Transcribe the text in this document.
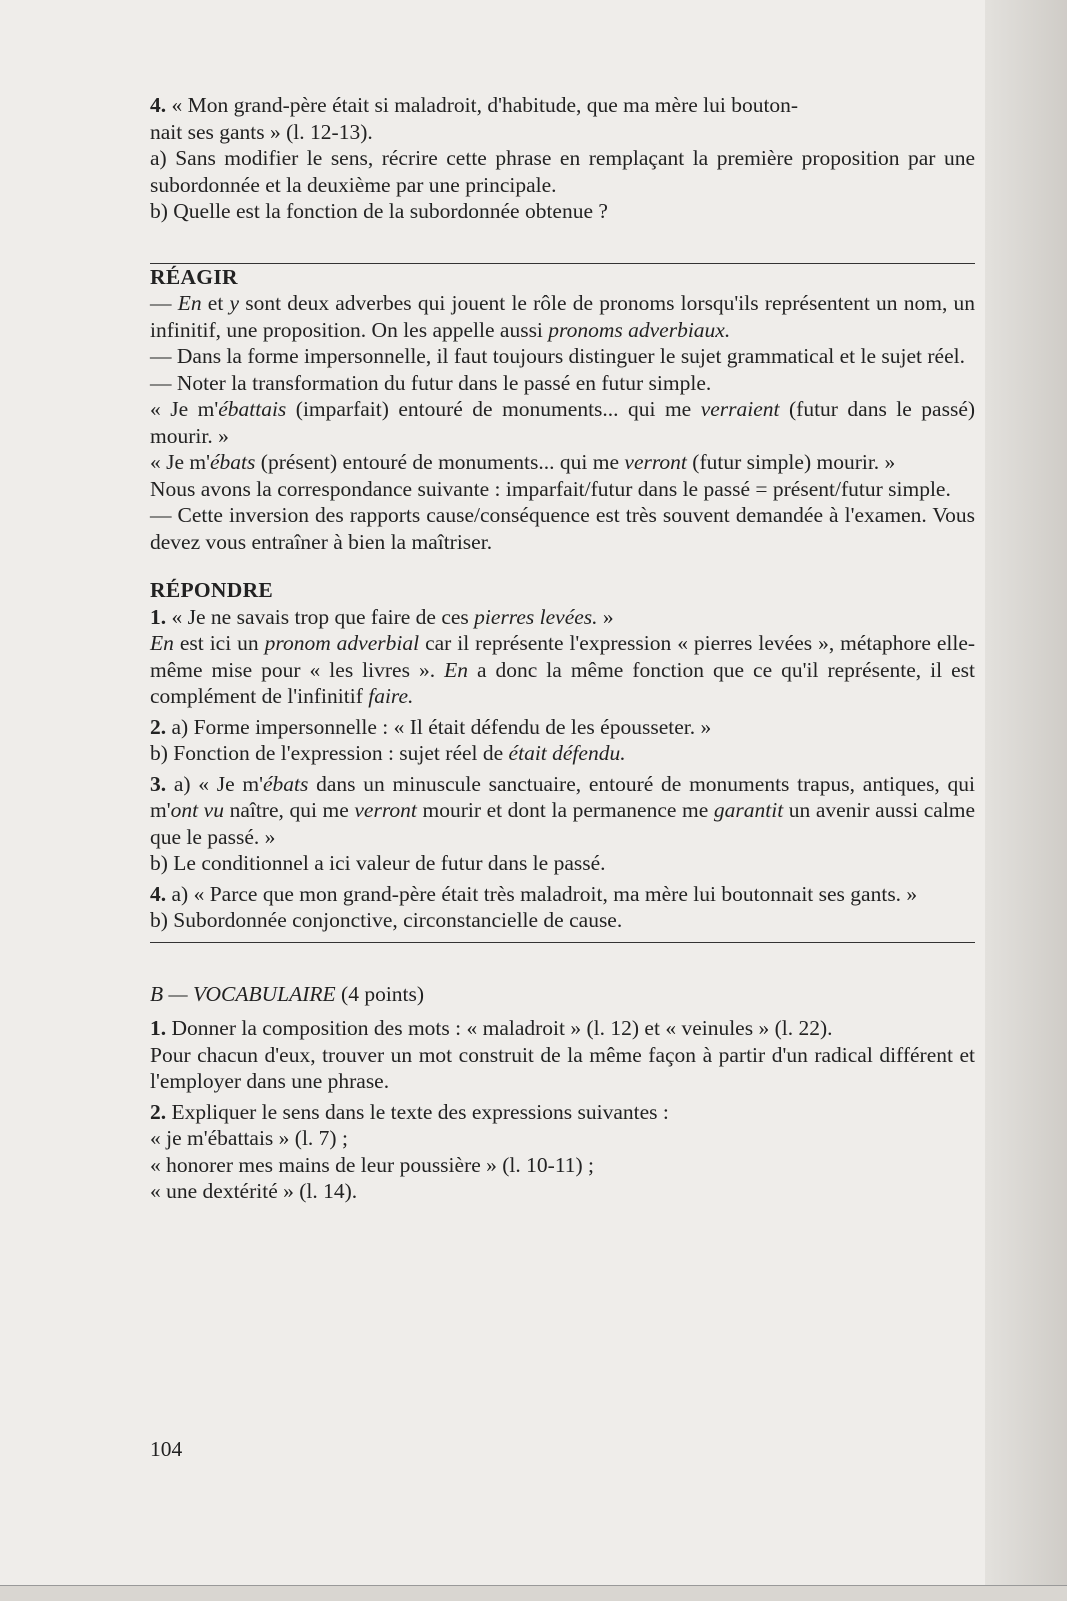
4. « Mon grand-père était si maladroit, d'habitude, que ma mère lui bouton-

nait ses gants » (l. 12-13).

a) Sans modifier le sens, récrire cette phrase en remplaçant la première proposition par une subordonnée et la deuxième par une principale.

b) Quelle est la fonction de la subordonnée obtenue ?

RÉAGIR

— En et y sont deux adverbes qui jouent le rôle de pronoms lorsqu'ils représentent un nom, un infinitif, une proposition. On les appelle aussi pronoms adverbiaux.

— Dans la forme impersonnelle, il faut toujours distinguer le sujet grammatical et le sujet réel.

— Noter la transformation du futur dans le passé en futur simple.

« Je m'ébattais (imparfait) entouré de monuments... qui me verraient (futur dans le passé) mourir. »

« Je m'ébats (présent) entouré de monuments... qui me verront (futur simple) mourir. »

Nous avons la correspondance suivante : imparfait/futur dans le passé = présent/futur simple.

— Cette inversion des rapports cause/conséquence est très souvent demandée à l'examen. Vous devez vous entraîner à bien la maîtriser.

RÉPONDRE

1. « Je ne savais trop que faire de ces pierres levées. »

En est ici un pronom adverbial car il représente l'expression « pierres levées », métaphore elle-même mise pour « les livres ». En a donc la même fonction que ce qu'il représente, il est complément de l'infinitif faire.

2. a) Forme impersonnelle : « Il était défendu de les épousseter. »

b) Fonction de l'expression : sujet réel de était défendu.

3. a) « Je m'ébats dans un minuscule sanctuaire, entouré de monuments trapus, antiques, qui m'ont vu naître, qui me verront mourir et dont la permanence me garantit un avenir aussi calme que le passé. »

b) Le conditionnel a ici valeur de futur dans le passé.

4. a) « Parce que mon grand-père était très maladroit, ma mère lui boutonnait ses gants. »

b) Subordonnée conjonctive, circonstancielle de cause.

B — VOCABULAIRE (4 points)

1. Donner la composition des mots : « maladroit » (l. 12) et « veinules » (l. 22).

Pour chacun d'eux, trouver un mot construit de la même façon à partir d'un radical différent et l'employer dans une phrase.

2. Expliquer le sens dans le texte des expressions suivantes :

« je m'ébattais » (l. 7) ;

« honorer mes mains de leur poussière » (l. 10-11) ;

« une dextérité » (l. 14).

104
